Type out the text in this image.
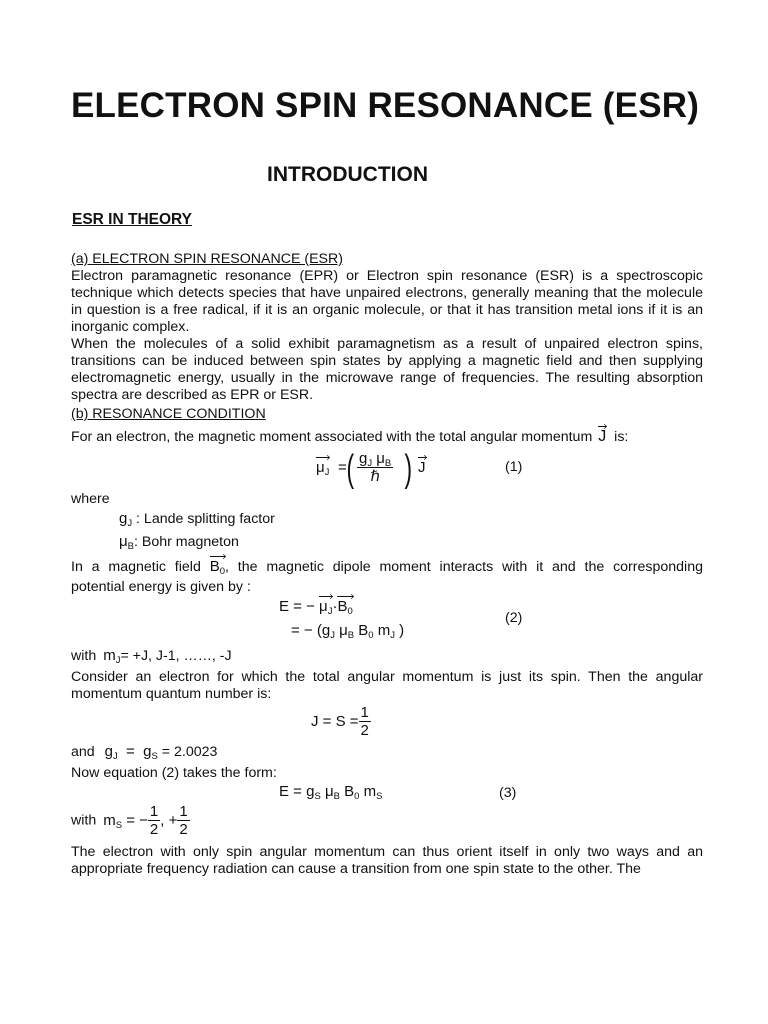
ELECTRON SPIN RESONANCE (ESR)
INTRODUCTION
ESR IN THEORY
(a) ELECTRON SPIN RESONANCE (ESR)
Electron paramagnetic resonance (EPR) or Electron spin resonance (ESR) is a spectroscopic technique which detects species that have unpaired electrons, generally meaning that the molecule in question is a free radical, if it is an organic molecule, or that it has transition metal ions if it is an inorganic complex.
When the molecules of a solid exhibit paramagnetism as a result of unpaired electron spins, transitions can be induced between spin states by applying a magnetic field and then supplying electromagnetic energy, usually in the microwave range of frequencies. The resulting absorption spectra are described as EPR or ESR.
(b) RESONANCE CONDITION
For an electron, the magnetic moment associated with the total angular momentum J is:
$\mu_J$ = ( $\frac{g_J \mu_B}{\text{ℏ}}$ ) J	(1)
where
$g_J$ : Lande splitting factor
$\mu_B$: Bohr magneton
In a magnetic field $B_0$, the magnetic dipole moment interacts with it and the corresponding
potential energy is given by :
E = − $\mu_J\cdot B_0$
= − ($g_J$ $\mu_B$ $B_0$ $m_J$ )
(2)
with $m_J= +J$, J-1, ……, -J
Consider an electron for which the total angular momentum is just its spin. Then the angular momentum quantum number is:
$J = S = \frac{1}{2}$
and $g_J = g_S = 2.0023$
Now equation (2) takes the form:
$E = g_S$ $\mu_B$ $B_0$ $m_S$	(3)
with $m_S$ = − $\frac{1}{2}$ , + $\frac{1}{2}$
The electron with only spin angular momentum can thus orient itself in only two ways and an appropriate frequency radiation can cause a transition from one spin state to the other. The
